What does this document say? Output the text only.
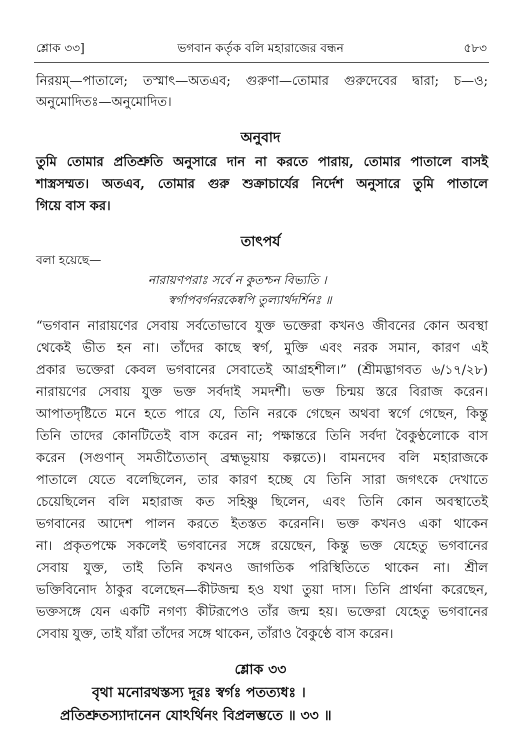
শ্লোক ৩৩]	ভগবান কর্তৃক বলি মহারাজের বন্ধন	৫৮৩
নিরয়ম্—পাতালে; তস্মাৎ—অতএব; গুরুণা—তোমার গুরুদেবের দ্বারা; চ—ও;
অনুমোদিতঃ—অনুমোদিত।
অনুবাদ
তুমি তোমার প্রতিশ্রুতি অনুসারে দান না করতে পারায়, তোমার পাতালে বাসই
শাস্ত্রসম্মত। অতএব, তোমার গুরু শুক্রাচার্যের নির্দেশ অনুসারে তুমি পাতালে
গিয়ে বাস কর।
তাৎপর্য
বলা হয়েছে—
নারায়ণপরাঃ সর্বে ন কুতশ্চন বিভ্যতি ।
স্বর্গাপবর্গনরকেষ্বপি তুল্যার্থদর্শিনঃ ॥
“ভগবান নারায়ণের সেবায় সর্বতোভাবে যুক্ত ভক্তেরা কখনও জীবনের কোন অবস্থা
থেকেই ভীত হন না। তাঁদের কাছে স্বর্গ, মুক্তি এবং নরক সমান, কারণ এই
প্রকার ভক্তেরা কেবল ভগবানের সেবাতেই আগ্রহশীল।” (শ্রীমদ্ভাগবত ৬/১৭/২৮)
নারায়ণের সেবায় যুক্ত ভক্ত সর্বদাই সমদর্শী। ভক্ত চিন্ময় স্তরে বিরাজ করেন।
আপাতদৃষ্টিতে মনে হতে পারে যে, তিনি নরকে গেছেন অথবা স্বর্গে গেছেন, কিন্তু
তিনি তাদের কোনটিতেই বাস করেন না; পক্ষান্তরে তিনি সর্বদা বৈকুণ্ঠলোকে বাস
করেন (সগুণান্ সমতীত্যৈতান্ ব্রহ্মভূয়ায় কল্পতে)। বামনদেব বলি মহারাজকে
পাতালে যেতে বলেছিলেন, তার কারণ হচ্ছে যে তিনি সারা জগৎকে দেখাতে
চেয়েছিলেন বলি মহারাজ কত সহিষ্ণু ছিলেন, এবং তিনি কোন অবস্থাতেই
ভগবানের আদেশ পালন করতে ইতস্তত করেননি। ভক্ত কখনও একা থাকেন
না। প্রকৃতপক্ষে সকলেই ভগবানের সঙ্গে রয়েছেন, কিন্তু ভক্ত যেহেতু ভগবানের
সেবায় যুক্ত, তাই তিনি কখনও জাগতিক পরিস্থিতিতে থাকেন না। শ্রীল
ভক্তিবিনোদ ঠাকুর বলেছেন—কীটজন্ম হও যথা তুয়া দাস। তিনি প্রার্থনা করেছেন,
ভক্তসঙ্গে যেন একটি নগণ্য কীটরূপেও তাঁর জন্ম হয়। ভক্তেরা যেহেতু ভগবানের
সেবায় যুক্ত, তাই যাঁরা তাঁদের সঙ্গে থাকেন, তাঁরাও বৈকুণ্ঠে বাস করেন।
শ্লোক ৩৩
বৃথা মনোরথস্তস্য দূরঃ স্বর্গঃ পতত্যধঃ ।
প্রতিশ্রুতস্যাদানেন যোঽর্থিনং বিপ্রলম্ভতে ॥ ৩৩ ॥
